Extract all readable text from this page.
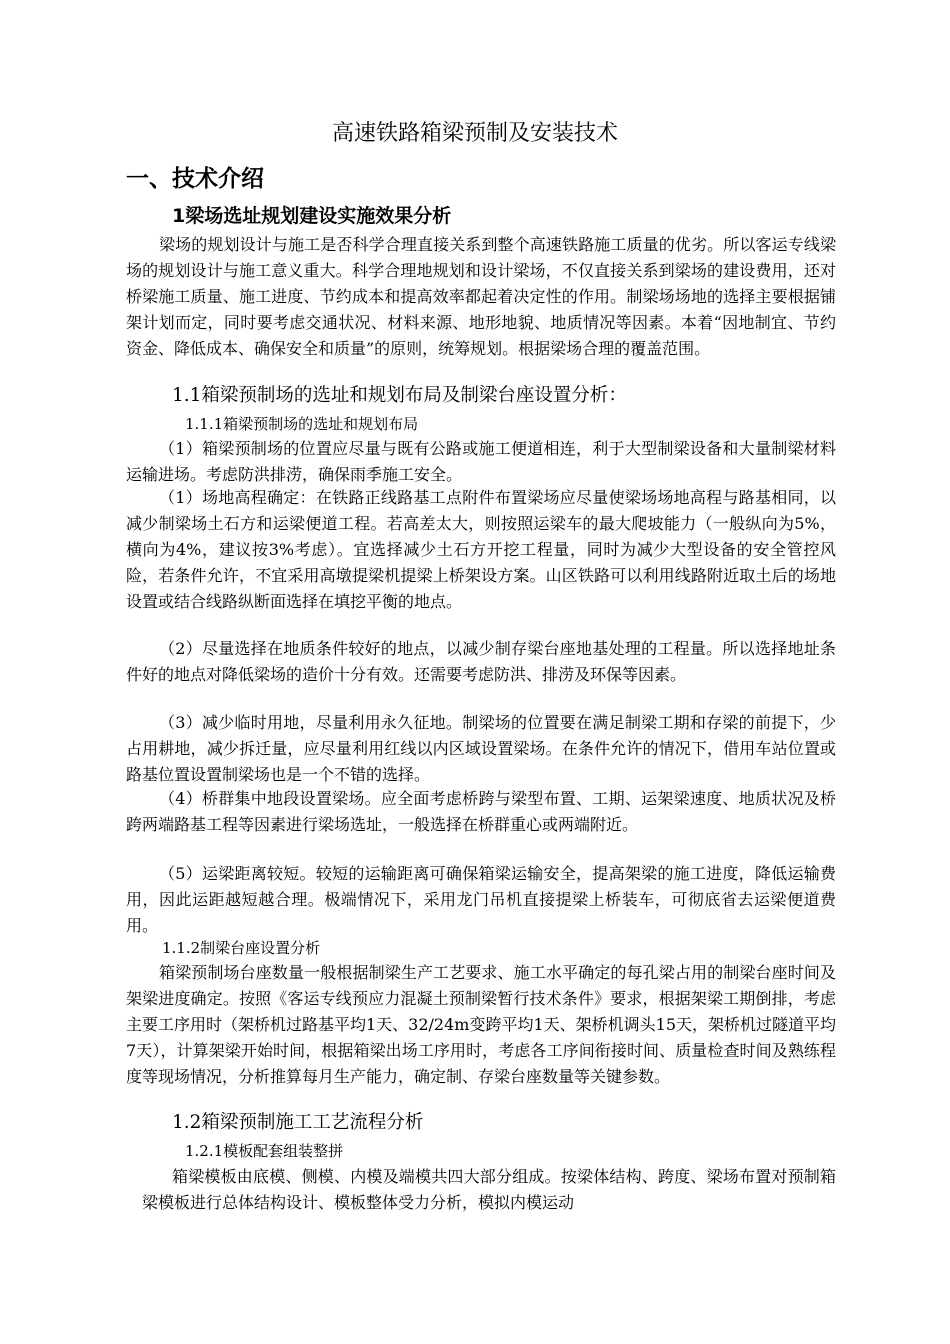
高速铁路箱梁预制及安装技术
一、技术介绍
1梁场选址规划建设实施效果分析

梁场的规划设计与施工是否科学合理直接关系到整个高速铁路施工质量的优劣。所以客运专线梁场的规划设计与施工意义重大。科学合理地规划和设计梁场，不仅直接关系到梁场的建设费用，还对桥梁施工质量、施工进度、节约成本和提高效率都起着决定性的作用。制梁场场地的选择主要根据铺架计划而定，同时要考虑交通状况、材料来源、地形地貌、地质情况等因素。本着“因地制宜、节约资金、降低成本、确保安全和质量”的原则，统筹规划。根据梁场合理的覆盖范围。

1.1箱梁预制场的选址和规划布局及制梁台座设置分析：
1.1.1箱梁预制场的选址和规划布局

（1）箱梁预制场的位置应尽量与既有公路或施工便道相连，利于大型制梁设备和大量制梁材料运输进场。考虑防洪排涝，确保雨季施工安全。

（1）场地高程确定：在铁路正线路基工点附件布置梁场应尽量使梁场场地高程与路基相同，以减少制梁场土石方和运梁便道工程。若高差太大，则按照运梁车的最大爬坡能力（一般纵向为5%，横向为4%，建议按3%考虑）。宜选择减少土石方开挖工程量，同时为减少大型设备的安全管控风险，若条件允许，不宜采用高墩提梁机提梁上桥架设方案。山区铁路可以利用线路附近取土后的场地设置或结合线路纵断面选择在填挖平衡的地点。

（2）尽量选择在地质条件较好的地点，以减少制存梁台座地基处理的工程量。所以选择地址条件好的地点对降低梁场的造价十分有效。还需要考虑防洪、排涝及环保等因素。

（3）减少临时用地，尽量利用永久征地。制梁场的位置要在满足制梁工期和存梁的前提下，少占用耕地，减少拆迁量，应尽量利用红线以内区域设置梁场。在条件允许的情况下，借用车站位置或路基位置设置制梁场也是一个不错的选择。

（4）桥群集中地段设置梁场。应全面考虑桥跨与梁型布置、工期、运架梁速度、地质状况及桥跨两端路基工程等因素进行梁场选址，一般选择在桥群重心或两端附近。

（5）运梁距离较短。较短的运输距离可确保箱梁运输安全，提高架梁的施工进度，降低运输费用，因此运距越短越合理。极端情况下，采用龙门吊机直接提梁上桥装车，可彻底省去运梁便道费用。

1.1.2制梁台座设置分析

箱梁预制场台座数量一般根据制梁生产工艺要求、施工水平确定的每孔梁占用的制梁台座时间及架梁进度确定。按照《客运专线预应力混凝土预制梁暂行技术条件》要求，根据架梁工期倒排，考虑主要工序用时（架桥机过路基平均1天、32/24m变跨平均1天、架桥机调头15天，架桥机过隧道平均7天），计算架梁开始时间，根据箱梁出场工序用时，考虑各工序间衔接时间、质量检查时间及熟练程度等现场情况，分析推算每月生产能力，确定制、存梁台座数量等关键参数。

1.2箱梁预制施工工艺流程分析
1.2.1模板配套组装整拼

箱梁模板由底模、侧模、内模及端模共四大部分组成。按梁体结构、跨度、梁场布置对预制箱梁模板进行总体结构设计、模板整体受力分析，模拟内模运动
